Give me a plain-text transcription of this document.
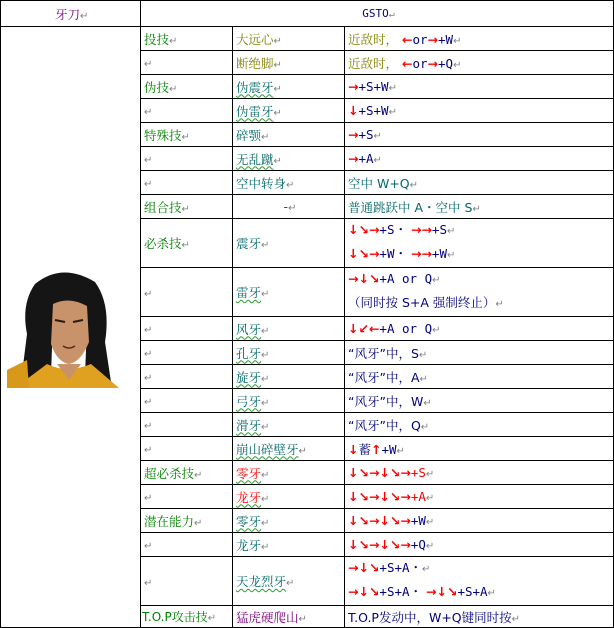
牙刀↵	GSTO↵		
	投技↵	大远心↵	近敌时， ←or→+W↵
	↵	断绝脚↵	近敌时， ←or→+Q↵
	伪技↵	伪震牙↵	→+S+W↵
	↵	伪雷牙↵	↓+S+W↵
	特殊技↵	碎颚↵	→+S↵
	↵	无乱蹴↵	→+A↵
	↵	空中转身↵	空中 W+Q↵
	组合技↵	-↵	普通跳跃中 A・空中 S↵
	必杀技↵	震牙↵	↓↘→+S・ →→+S↵
↓↘→+W・ →→+W↵

	↵	雷牙↵	→↓↘+A or Q↵
（同时按 S+A 强制终止）↵

	↵	风牙↵	↓↙←+A or Q↵
	↵	孔牙↵	“风牙”中，S↵
	↵	旋牙↵	“风牙”中，A↵
	↵	弓牙↵	“风牙”中，W↵
	↵	滑牙↵	“风牙”中，Q↵
	↵	崩山碎壁牙↵	↓蓄↑+W↵
	超必杀技↵	零牙↵	↓↘→↓↘→+S↵
	↵	龙牙↵	↓↘→↓↘→+A↵
	潜在能力↵	零牙↵	↓↘→↓↘→+W↵
	↵	龙牙↵	↓↘→↓↘→+Q↵
	↵	天龙烈牙↵	→↓↘+S+A・↵
→↓↘+S+A・ →↓↘+S+A↵

	T.O.P攻击技↵	猛虎硬爬山↵	T.O.P发动中，W+Q键同时按↵
